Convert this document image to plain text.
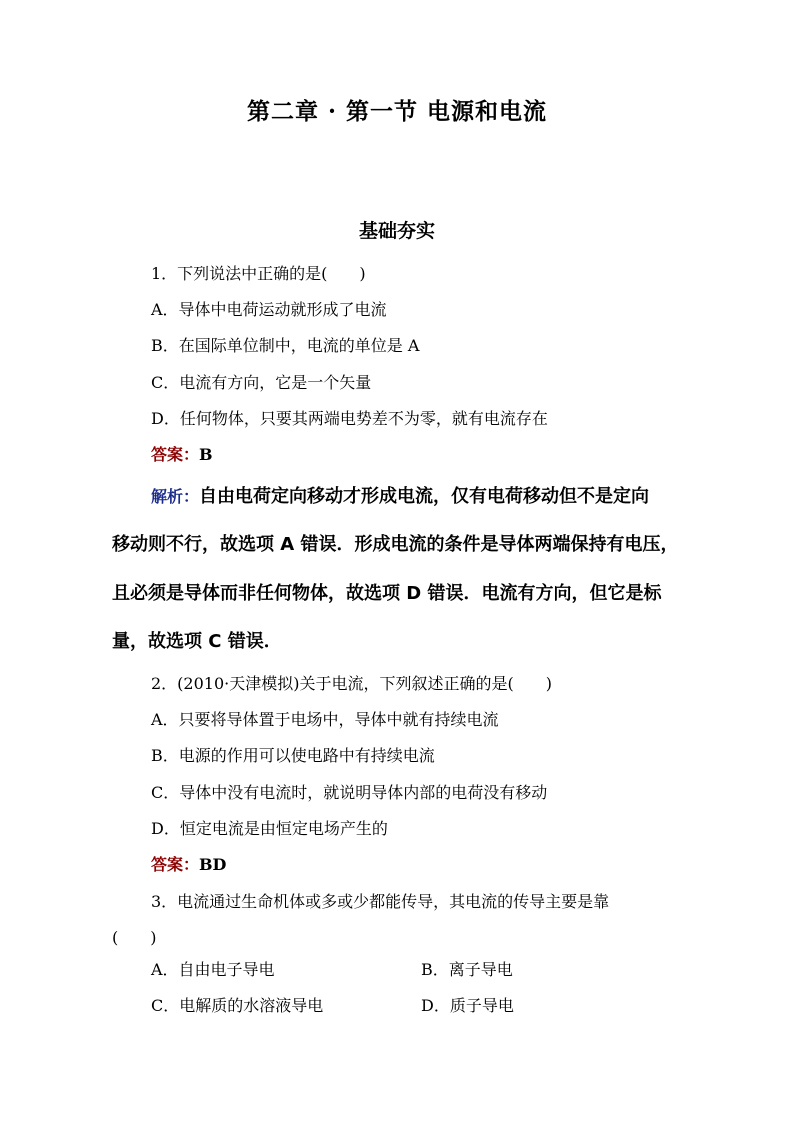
第二章 · 第一节 电源和电流
基础夯实
1．下列说法中正确的是(　　)
A．导体中电荷运动就形成了电流
B．在国际单位制中，电流的单位是 A
C．电流有方向，它是一个矢量
D．任何物体，只要其两端电势差不为零，就有电流存在
答案：B
解析：自由电荷定向移动才形成电流，仅有电荷移动但不是定向
移动则不行，故选项 A 错误．形成电流的条件是导体两端保持有电压，
且必须是导体而非任何物体，故选项 D 错误．电流有方向，但它是标
量，故选项 C 错误．
2．(2010·天津模拟)关于电流，下列叙述正确的是(　　)
A．只要将导体置于电场中，导体中就有持续电流
B．电源的作用可以使电路中有持续电流
C．导体中没有电流时，就说明导体内部的电荷没有移动
D．恒定电流是由恒定电场产生的
答案：BD
3．电流通过生命机体或多或少都能传导，其电流的传导主要是靠
(　　)
A．自由电子导电	B．离子导电
C．电解质的水溶液导电	D．质子导电
